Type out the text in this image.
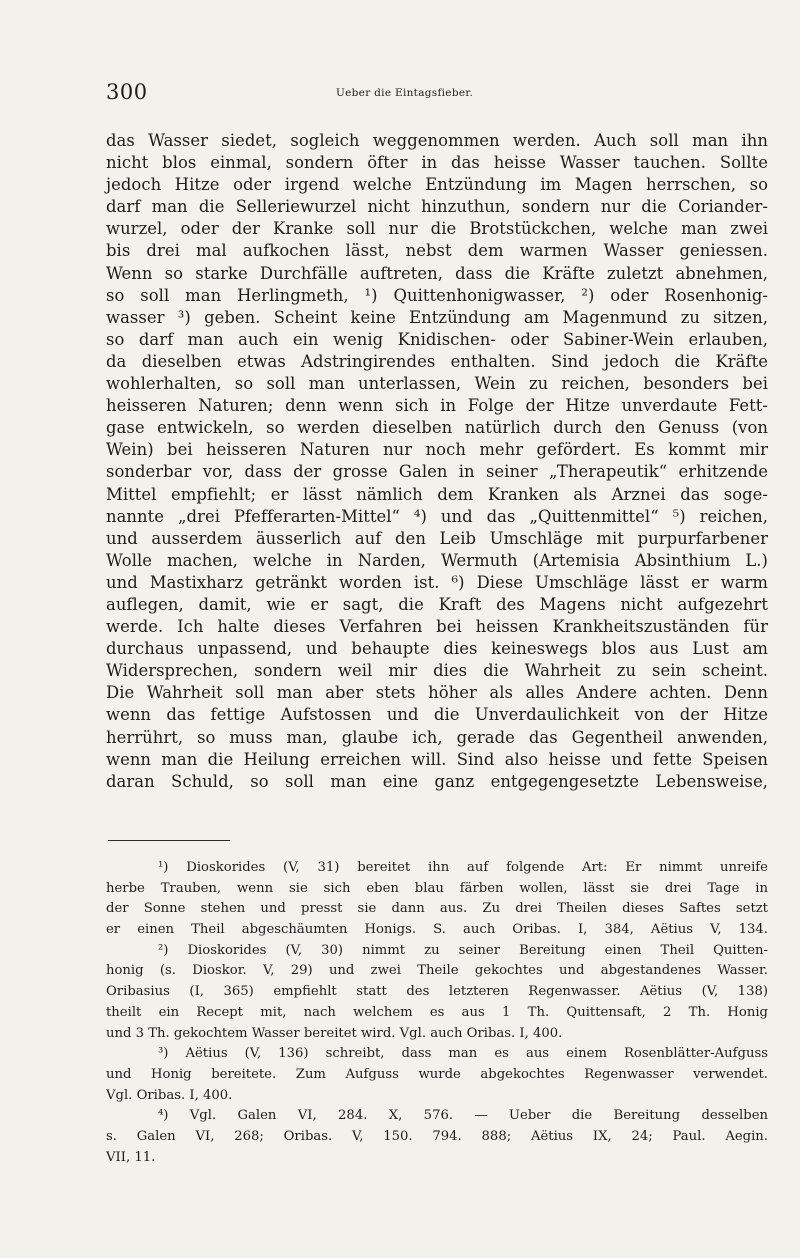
300	Ueber die Eintagsfieber.
das Wasser siedet, sogleich weggenommen werden. Auch soll man ihn
nicht blos einmal, sondern öfter in das heisse Wasser tauchen. Sollte
jedoch Hitze oder irgend welche Entzündung im Magen herrschen, so
darf man die Selleriewurzel nicht hinzuthun, sondern nur die Coriander-
wurzel, oder der Kranke soll nur die Brotstückchen, welche man zwei
bis drei mal aufkochen lässt, nebst dem warmen Wasser geniessen.
Wenn so starke Durchfälle auftreten, dass die Kräfte zuletzt abnehmen,
so soll man Herlingmeth, ¹) Quittenhonigwasser, ²) oder Rosenhonig-
wasser ³) geben. Scheint keine Entzündung am Magenmund zu sitzen,
so darf man auch ein wenig Knidischen- oder Sabiner-Wein erlauben,
da dieselben etwas Adstringirendes enthalten. Sind jedoch die Kräfte
wohlerhalten, so soll man unterlassen, Wein zu reichen, besonders bei
heisseren Naturen; denn wenn sich in Folge der Hitze unverdaute Fett-
gase entwickeln, so werden dieselben natürlich durch den Genuss (von
Wein) bei heisseren Naturen nur noch mehr gefördert. Es kommt mir
sonderbar vor, dass der grosse Galen in seiner „Therapeutik“ erhitzende
Mittel empfiehlt; er lässt nämlich dem Kranken als Arznei das soge-
nannte „drei Pfefferarten-Mittel“ ⁴) und das „Quittenmittel“ ⁵) reichen,
und ausserdem äusserlich auf den Leib Umschläge mit purpurfarbener
Wolle machen, welche in Narden, Wermuth (Artemisia Absinthium L.)
und Mastixharz getränkt worden ist. ⁶) Diese Umschläge lässt er warm
auflegen, damit, wie er sagt, die Kraft des Magens nicht aufgezehrt
werde. Ich halte dieses Verfahren bei heissen Krankheitszuständen für
durchaus unpassend, und behaupte dies keineswegs blos aus Lust am
Widersprechen, sondern weil mir dies die Wahrheit zu sein scheint.
Die Wahrheit soll man aber stets höher als alles Andere achten. Denn
wenn das fettige Aufstossen und die Unverdaulichkeit von der Hitze
herrührt, so muss man, glaube ich, gerade das Gegentheil anwenden,
wenn man die Heilung erreichen will. Sind also heisse und fette Speisen
daran Schuld, so soll man eine ganz entgegengesetzte Lebensweise,
¹) Dioskorides (V, 31) bereitet ihn auf folgende Art: Er nimmt unreife
herbe Trauben, wenn sie sich eben blau färben wollen, lässt sie drei Tage in
der Sonne stehen und presst sie dann aus. Zu drei Theilen dieses Saftes setzt
er einen Theil abgeschäumten Honigs. S. auch Oribas. I, 384, Aëtius V, 134.
²) Dioskorides (V, 30) nimmt zu seiner Bereitung einen Theil Quitten-
honig (s. Dioskor. V, 29) und zwei Theile gekochtes und abgestandenes Wasser.
Oribasius (I, 365) empfiehlt statt des letzteren Regenwasser. Aëtius (V, 138)
theilt ein Recept mit, nach welchem es aus 1 Th. Quittensaft, 2 Th. Honig
und 3 Th. gekochtem Wasser bereitet wird. Vgl. auch Oribas. I, 400.
³) Aëtius (V, 136) schreibt, dass man es aus einem Rosenblätter-Aufguss
und Honig bereitete. Zum Aufguss wurde abgekochtes Regenwasser verwendet.
Vgl. Oribas. I, 400.
⁴) Vgl. Galen VI, 284. X, 576. — Ueber die Bereitung desselben
s. Galen VI, 268; Oribas. V, 150. 794. 888; Aëtius IX, 24; Paul. Aegin.
VII, 11.
